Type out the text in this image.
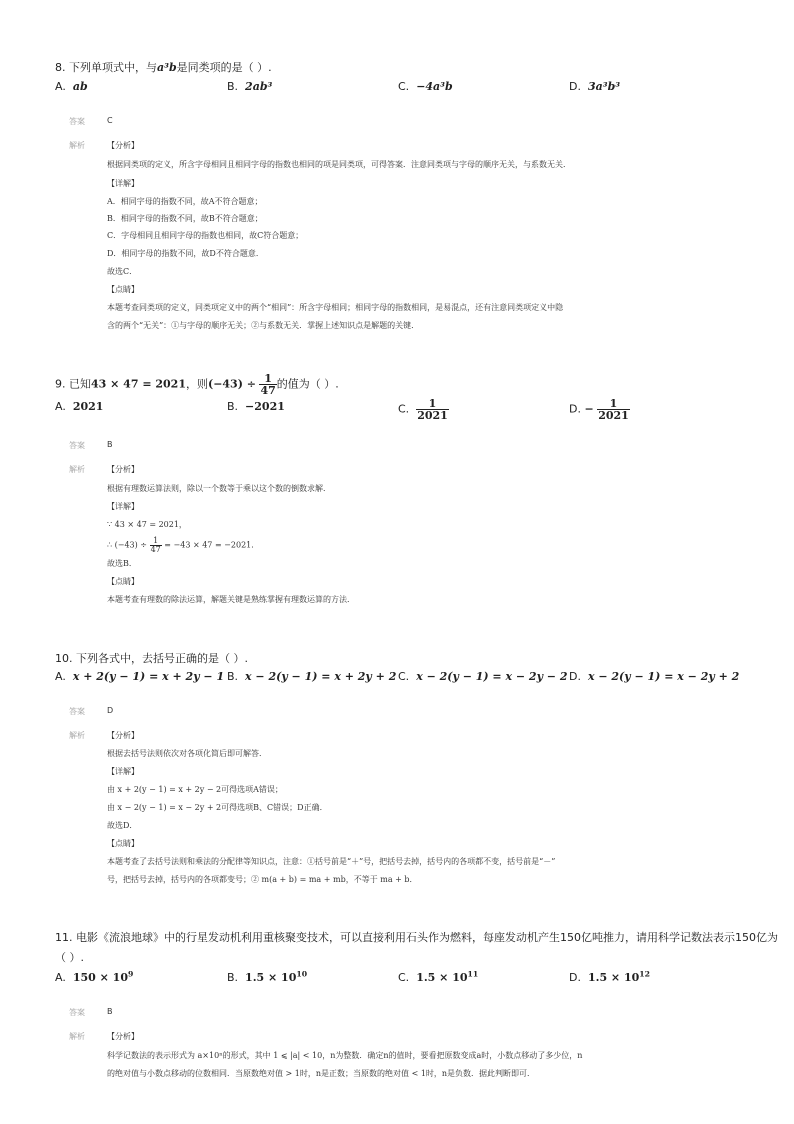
8. 下列单项式中，与a³b是同类项的是（ ）.
A. ab	B. 2ab³	C. −4a³b	D. 3a³b³
答案	C
解析	【分析】
根据同类项的定义，所含字母相同且相同字母的指数也相同的项是同类项，可得答案．注意同类项与字母的顺序无关，与系数无关．
【详解】
A．相同字母的指数不同，故A不符合题意；
B．相同字母的指数不同，故B不符合题意；
C．字母相同且相同字母的指数也相同，故C符合题意；
D．相同字母的指数不同，故D不符合题意．
故选C．
【点睛】
本题考查同类项的定义，同类项定义中的两个“相同”：所含字母相同；相同字母的指数相同，是易混点，还有注意同类项定义中隐
含的两个“无关”：①与字母的顺序无关；②与系数无关．掌握上述知识点是解题的关键．
9. 已知43 × 47 = 2021，则$(-43) \div \frac{1}{47}$ 的值为（ ）.
A. 2021	B. −2021	C. $\frac{1}{2021}$	D. − $\frac{1}{2021}$
答案	B
解析	【分析】
根据有理数运算法则，除以一个数等于乘以这个数的倒数求解．
【详解】
∵ 43 × 47 = 2021，
∴ $(-43) \div \frac{1}{47} = -43 \times 47 = -2021$．
故选B．
【点睛】
本题考查有理数的除法运算，解题关键是熟练掌握有理数运算的方法．
10. 下列各式中，去括号正确的是（ ）.
A. x + 2(y − 1) = x + 2y − 1 B. x − 2(y − 1) = x + 2y + 2 C. x − 2(y − 1) = x − 2y − 2 D. x − 2(y − 1) = x − 2y + 2
答案	D
解析	【分析】
根据去括号法则依次对各项化简后即可解答．
【详解】
由 x + 2(y − 1) = x + 2y − 2可得选项A错误；
由 x − 2(y − 1) = x − 2y + 2可得选项B、C错误；D正确．
故选D．
【点睛】
本题考查了去括号法则和乘法的分配律等知识点，注意：①括号前是“＋”号，把括号去掉，括号内的各项都不变，括号前是“－”
号，把括号去掉，括号内的各项都变号；② m(a + b) = ma + mb，不等于 ma + b．
11. 电影《流浪地球》中的行星发动机利用重核聚变技术，可以直接利用石头作为燃料，每座发动机产生150亿吨推力，请用科学记数法表示150亿为
（ ）.
A. $150 \times 10^9$	B. $1.5 \times 10^{10}$	C. $1.5 \times 10^{11}$	D. $1.5 \times 10^{12}$
答案	B
解析	【分析】
科学记数法的表示形式为 a×10ⁿ的形式，其中 1 ⩽ |a| < 10，n为整数．确定n的值时，要看把原数变成a时，小数点移动了多少位，n
的绝对值与小数点移动的位数相同．当原数绝对值 > 1时，n是正数；当原数的绝对值 < 1时，n是负数．据此判断即可．
